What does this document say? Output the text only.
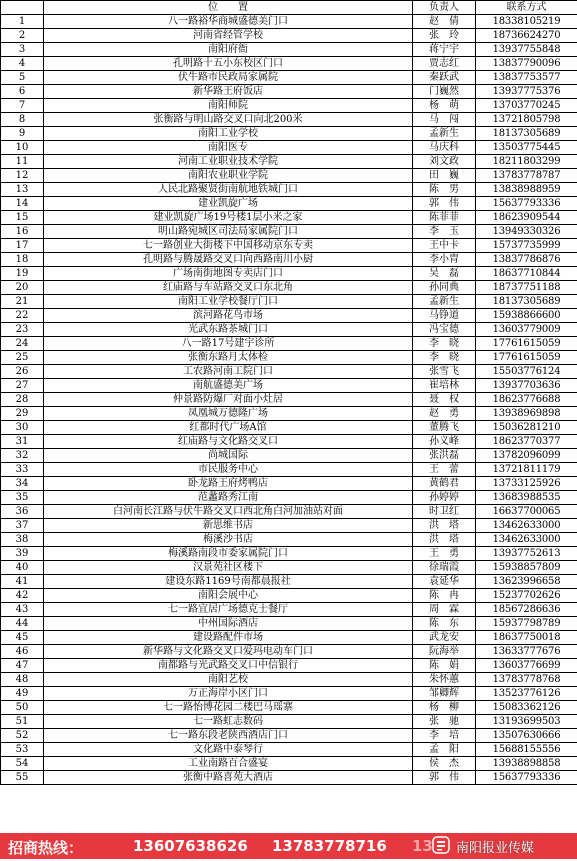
	位　　置	负责人	联系方式
1	八一路裕华商城盛德美门口	赵　倩	18338105219
2	河南省经管学校	张　玲	18736624270
3	南阳府衙	蒋宁宇	13937755848
4	孔明路十五小东校区门口	贾志红	13837790096
5	伏牛路市民政局家属院	秦跃武	13837753577
6	新华路王府饭店	门巍然	13937775376
7	南阳师院	杨　萌	13703770245
8	张衡路与明山路交叉口向北200米	马　闯	13721805798
9	南阳工业学校	孟新生	18137305689
10	南阳医专	马庆科	13503775445
11	河南工业职业技术学院	刘文政	18211803299
12	南阳农业职业学院	田　巍	13783778787
13	人民北路聚贤街南航地铁城门口	陈　男	13838988959
14	建业凯旋广场	郭　伟	15637793336
15	建业凯旋广场19号楼1层小米之家	陈菲菲	18623909544
16	明山路宛城区司法局家属院门口	李　玉	13949330326
17	七一路创业大街楼下中国移动京东专卖	王中卡	15737735999
18	孔明路与腾晟路交叉口向西路南川小厨	李小胄	13837786876
19	广场南街地图专卖店门口	吴　磊	18637710844
20	红庙路与车站路交叉口东北角	孙同典	18737751188
21	南阳工业学校餐厅门口	孟新生	18137305689
22	滨河路花鸟市场	马铮道	15938866600
23	光武东路茶城门口	冯宝德	13603779009
24	八一路17号建宇诊所	李　晓	17761615059
25	张衡东路月太体检	李　晓	17761615059
26	工农路河南工院门口	张雪飞	15503776124
27	南航盛德美广场	崔培林	13937703636
28	仲景路防爆厂对面小灶居	聂　权	18623776688
29	凤凰城万德隆广场	赵　勇	13938969898
30	红都时代广场A馆	董腾飞	15036281210
31	红庙路与文化路交叉口	孙义峰	18623770377
32	尚城国际	张洪磊	13782096099
33	市民服务中心	王　蕾	13721811179
34	卧龙路王府烤鸭店	黄鹤君	13733125926
35	范蠡路秀江南	孙婷婷	13683988535
36	白河南长江路与伏牛路交叉口西北角白河加油站对面	时卫红	16637700065
37	新思维书店	洪　塔	13462633000
38	梅溪沙书店	洪　塔	13462633000
39	梅溪路南段市委家属院门口	王　勇	13937752613
40	汉景苑社区楼下	徐瑞霞	15938857809
41	建设东路1169号南都晨报社	袁延华	13623996658
42	南阳会展中心	陈　冉	15237702626
43	七一路宜居广场德克士餐厅	周　霖	18567286636
44	中州国际酒店	陈　东	15937798789
45	建设路配件市场	武龙安	18637750018
46	新华路与文化路交叉口爱玛电动车门口	阮海举	13633777676
47	南都路与光武路交叉口中信银行	陈　娟	13603776699
48	南阳艺校	朱怀蕙	13783778768
49	万正海岸小区门口	邹卿辉	13523776126
50	七一路怡博花园二楼巴马瑶寨	杨　柳	15083362126
51	七一路虹志数码	张　驰	13193699503
52	七一路东段老陕西酒店门口	李　培	13507630666
53	文化路中泰琴行	孟　阳	15688155556
54	工业南路百合盛宴	侯　杰	13938898858
55	张衡中路喜苑大酒店	郭　伟	15637793336
招商热线：	13607638626 13783778716 13 南阳报业传媒
